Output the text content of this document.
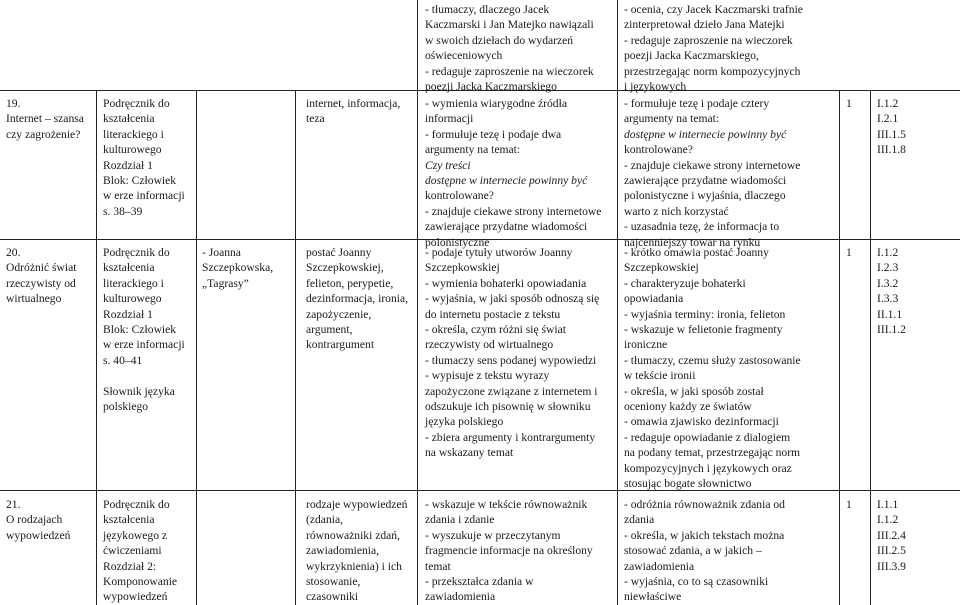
- tłumaczy, dlaczego Jacek
Kaczmarski i Jan Matejko nawiązali
w swoich dziełach do wydarzeń
oświeceniowych
- redaguje zaproszenie na wieczorek
poezji Jacka Kaczmarskiego
- ocenia, czy Jacek Kaczmarski trafnie
zinterpretował dzieło Jana Matejki
- redaguje zaproszenie na wieczorek
poezji Jacka Kaczmarskiego,
przestrzegając norm kompozycyjnych
i językowych
19.
Internet – szansa
czy zagrożenie?
Podręcznik do
kształcenia
literackiego i
kulturowego
Rozdział 1
Blok: Człowiek
w erze informacji
s. 38–39
internet, informacja,
teza
- wymienia wiarygodne źródła
informacji
- formułuje tezę i podaje dwa
argumenty na temat:
Czy treści
dostępne w internecie powinny być
kontrolowane?
- znajduje ciekawe strony internetowe
zawierające przydatne wiadomości
polonistyczne
- formułuje tezę i podaje cztery
argumenty na temat:
dostępne w internecie powinny być
kontrolowane?
- znajduje ciekawe strony internetowe
zawierające przydatne wiadomości
polonistyczne i wyjaśnia, dlaczego
warto z nich korzystać
- uzasadnia tezę, że informacja to
najcenniejszy towar na rynku
1 I.1.2
I.2.1
III.1.5
III.1.8
20.
Odróżnić świat
rzeczywisty od
wirtualnego
Podręcznik do
kształcenia
literackiego i
kulturowego
Rozdział 1
Blok: Człowiek
w erze informacji
s. 40–41
Słownik języka
polskiego
- Joanna
Szczepkowska,
„Tagrasy”
postać Joanny
Szczepkowskiej,
felieton, perypetie,
dezinformacja, ironia,
zapożyczenie,
argument,
kontrargument
- podaje tytuły utworów Joanny
Szczepkowskiej
- wymienia bohaterki opowiadania
- wyjaśnia, w jaki sposób odnoszą się
do internetu postacie z tekstu
- określa, czym różni się świat
rzeczywisty od wirtualnego
- tłumaczy sens podanej wypowiedzi
- wypisuje z tekstu wyrazy
zapożyczone związane z internetem i
odszukuje ich pisownię w słowniku
języka polskiego
- zbiera argumenty i kontrargumenty
na wskazany temat
- krótko omawia postać Joanny
Szczepkowskiej
- charakteryzuje bohaterki
opowiadania
- wyjaśnia terminy: ironia, felieton
- wskazuje w felietonie fragmenty
ironiczne
- tłumaczy, czemu służy zastosowanie
w tekście ironii
- określa, w jaki sposób został
oceniony każdy ze światów
- omawia zjawisko dezinformacji
- redaguje opowiadanie z dialogiem
na podany temat, przestrzegając norm
kompozycyjnych i językowych oraz
stosując bogate słownictwo
1 I.1.2
I.2.3
I.3.2
I.3.3
II.1.1
III.1.2
21.
O rodzajach
wypowiedzeń
Podręcznik do
kształcenia
językowego z
ćwiczeniami
Rozdział 2:
Komponowanie
wypowiedzeń
rodzaje wypowiedzeń
(zdania,
równoważniki zdań,
zawiadomienia,
wykrzyknienia) i ich
stosowanie,
czasowniki
- wskazuje w tekście równoważnik
zdania i zdanie
- wyszukuje w przeczytanym
fragmencie informacje na określony
temat
- przekształca zdania w
zawiadomienia
- odróżnia równoważnik zdania od
zdania
- określa, w jakich tekstach można
stosować zdania, a w jakich –
zawiadomienia
- wyjaśnia, co to są czasowniki
niewłaściwe
1 I.1.1
I.1.2
III.2.4
III.2.5
III.3.9
